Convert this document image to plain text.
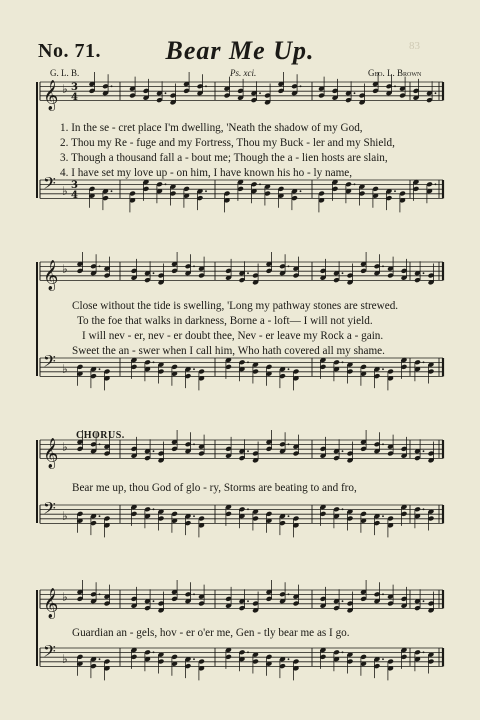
No. 71.	Bear Me Up.	83
G. L. B.	Ps. xci.	Geo. L. Brown
𝄞 ♭ 3
4
𝄢 ♭ 3
4
𝄞 ♭
𝄢 ♭
𝄞 ♭
𝄢 ♭
𝄞 ♭
𝄢 ♭
1. In the se - cret place I'm dwelling, 'Neath the shadow of my God,
2. Thou my Re - fuge and my Fortress, Thou my Buck - ler and my Shield,
3. Though a thousand fall a - bout me; Though the a - lien hosts are slain,
4. I have set my love up - on him, I have known his ho - ly name,
Close without the tide is swelling, 'Long my pathway stones are strewed.
To the foe that walks in darkness, Borne a - loft— I will not yield.
I will nev - er, nev - er doubt thee, Nev - er leave my Rock a - gain.
Sweet the an - swer when I call him, Who hath covered all my shame.
CHORUS.
Bear me up, thou God of glo - ry, Storms are beating to and fro,
Guardian an - gels, hov - er o'er me, Gen - tly bear me as I go.
